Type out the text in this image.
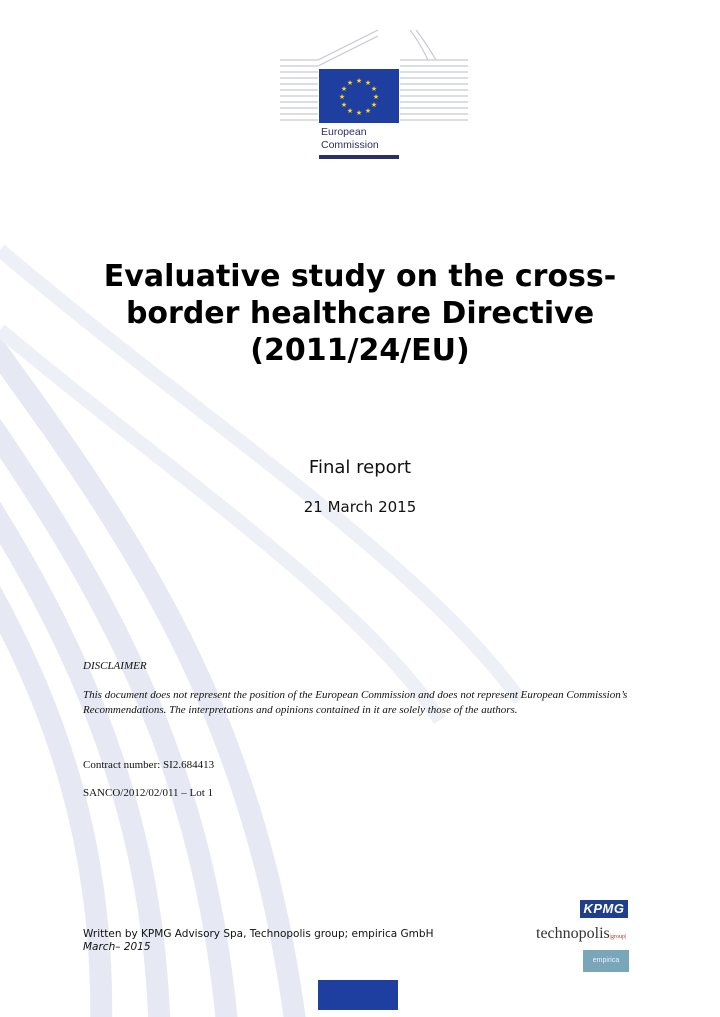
★ ★
★
★
★
★
★
★
★
★
★
★
European
Commission
Evaluative study on the cross-border healthcare Directive (2011/24/EU)
Final report
21 March 2015
DISCLAIMER
This document does not represent the position of the European Commission and does not represent European Commission’s Recommendations. The interpretations and opinions contained in it are solely those of the authors.
Contract number: SI2.684413
SANCO/2012/02/011 – Lot 1
Written by KPMG Advisory Spa, Technopolis group; empirica GmbH
March– 2015
KPMG
technopolis|group|
empirica
